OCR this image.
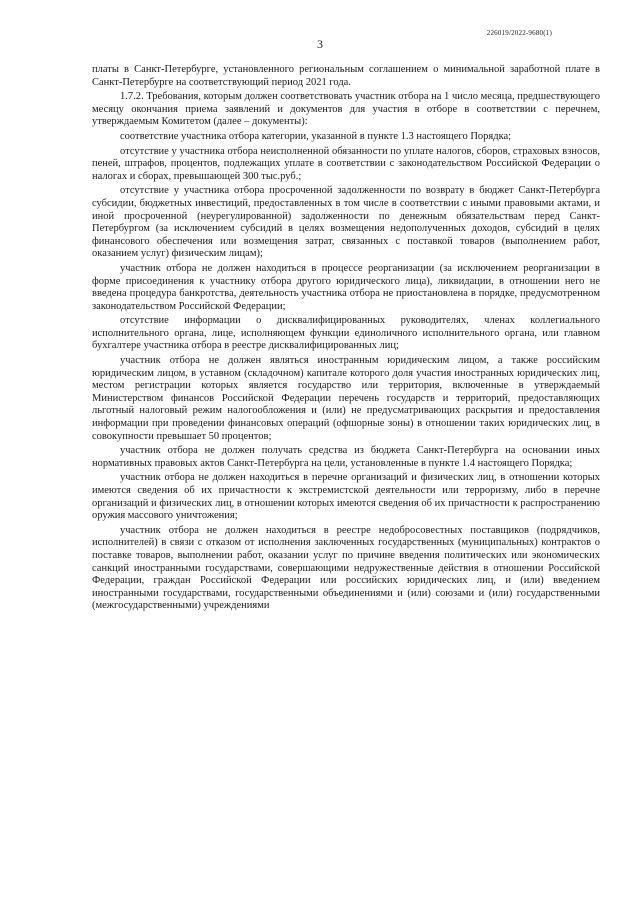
226019/2022-9680(1)
3

платы в Санкт-Петербурге, установленного региональным соглашением о минимальной заработной плате в Санкт-Петербурге на соответствующий период 2021 года.

1.7.2. Требования, которым должен соответствовать участник отбора на 1 число месяца, предшествующего месяцу окончания приема заявлений и документов для участия в отборе в соответствии с перечнем, утверждаемым Комитетом (далее – документы):

соответствие участника отбора категории, указанной в пункте 1.3 настоящего Порядка;

отсутствие у участника отбора неисполненной обязанности по уплате налогов, сборов, страховых взносов, пеней, штрафов, процентов, подлежащих уплате в соответствии с законодательством Российской Федерации о налогах и сборах, превышающей 300 тыс.руб.;

отсутствие у участника отбора просроченной задолженности по возврату в бюджет Санкт-Петербурга субсидии, бюджетных инвестиций, предоставленных в том числе в соответствии с иными правовыми актами, и иной просроченной (неурегулированной) задолженности по денежным обязательствам перед Санкт-Петербургом (за исключением субсидий в целях возмещения недополученных доходов, субсидий в целях финансового обеспечения или возмещения затрат, связанных с поставкой товаров (выполнением работ, оказанием услуг) физическим лицам);

участник отбора не должен находиться в процессе реорганизации (за исключением реорганизации в форме присоединения к участнику отбора другого юридического лица), ликвидации, в отношении него не введена процедура банкротства, деятельность участника отбора не приостановлена в порядке, предусмотренном законодательством Российской Федерации;

отсутствие информации о дисквалифицированных руководителях, членах коллегиального исполнительного органа, лице, исполняющем функции единоличного исполнительного органа, или главном бухгалтере участника отбора в реестре дисквалифицированных лиц;

участник отбора не должен являться иностранным юридическим лицом, а также российским юридическим лицом, в уставном (складочном) капитале которого доля участия иностранных юридических лиц, местом регистрации которых является государство или территория, включенные в утверждаемый Министерством финансов Российской Федерации перечень государств и территорий, предоставляющих льготный налоговый режим налогообложения и (или) не предусматривающих раскрытия и предоставления информации при проведении финансовых операций (офшорные зоны) в отношении таких юридических лиц, в совокупности превышает 50 процентов;

участник отбора не должен получать средства из бюджета Санкт-Петербурга на основании иных нормативных правовых актов Санкт-Петербурга на цели, установленные в пункте 1.4 настоящего Порядка;

участник отбора не должен находиться в перечне организаций и физических лиц, в отношении которых имеются сведения об их причастности к экстремистской деятельности или терроризму, либо в перечне организаций и физических лиц, в отношении которых имеются сведения об их причастности к распространению оружия массового уничтожения;

участник отбора не должен находиться в реестре недобросовестных поставщиков (подрядчиков, исполнителей) в связи с отказом от исполнения заключенных государственных (муниципальных) контрактов о поставке товаров, выполнении работ, оказании услуг по причине введения политических или экономических санкций иностранными государствами, совершающими недружественные действия в отношении Российской Федерации, граждан Российской Федерации или российских юридических лиц, и (или) введением иностранными государствами, государственными объединениями и (или) союзами и (или) государственными (межгосударственными) учреждениями
